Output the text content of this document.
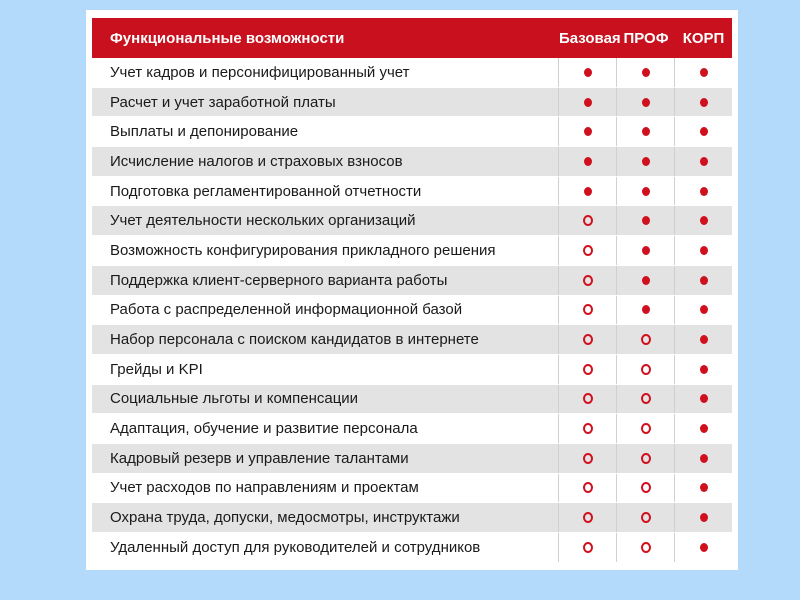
Функциональные возможности	Базовая ПРОФ КОРП
Учет кадров и персонифицированный учет
Расчет и учет заработной платы
Выплаты и депонирование
Исчисление налогов и страховых взносов
Подготовка регламентированной отчетности
Учет деятельности нескольких организаций
Возможность конфигурирования прикладного решения
Поддержка клиент-серверного варианта работы
Работа с распределенной информационной базой
Набор персонала с поиском кандидатов в интернете
Грейды и KPI
Социальные льготы и компенсации
Адаптация, обучение и развитие персонала
Кадровый резерв и управление талантами
Учет расходов по направлениям и проектам
Охрана труда, допуски, медосмотры, инструктажи
Удаленный доступ для руководителей и сотрудников
